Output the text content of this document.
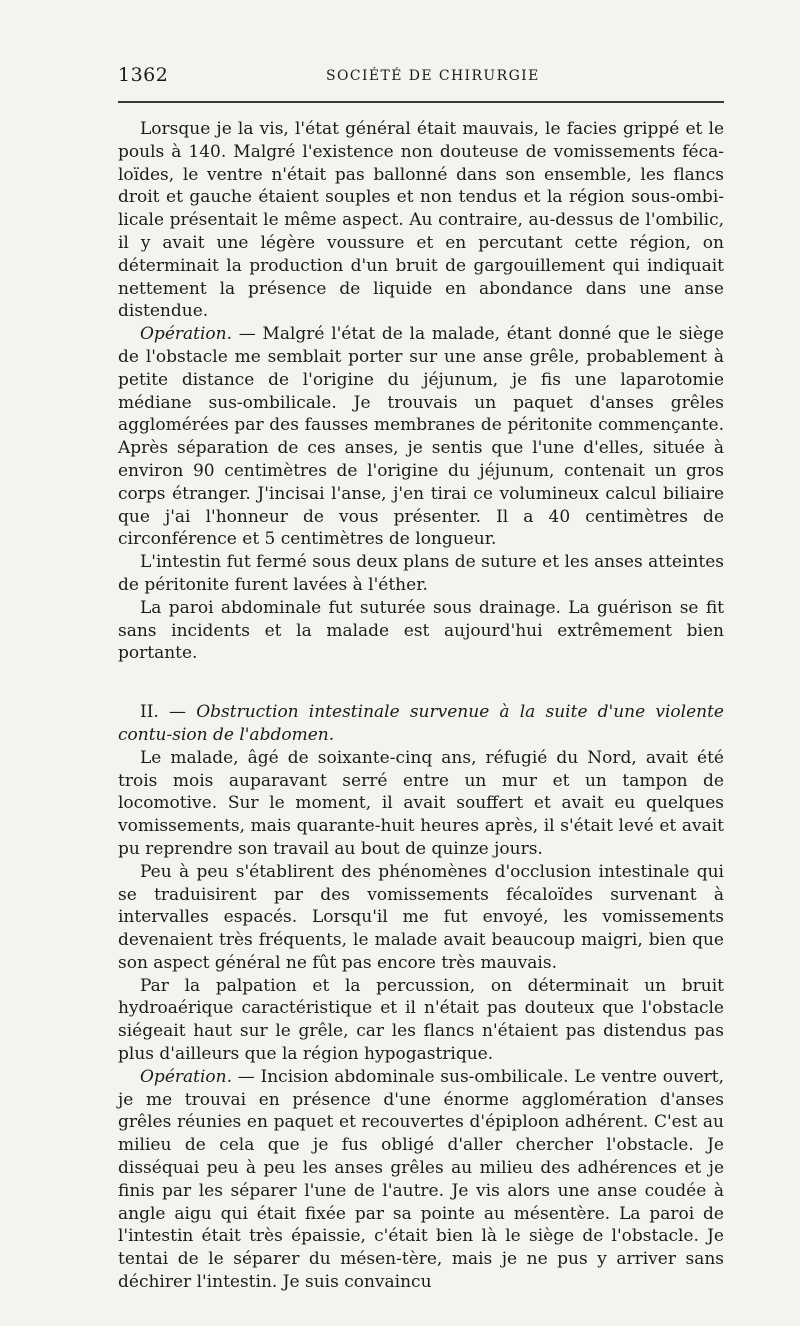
1362	SOCIÉTÉ DE CHIRURGIE

Lorsque je la vis, l'état général était mauvais, le facies grippé et le pouls à 140. Malgré l'existence non douteuse de vomissements féca-loïdes, le ventre n'était pas ballonné dans son ensemble, les flancs droit et gauche étaient souples et non tendus et la région sous-ombi-licale présentait le même aspect. Au contraire, au-dessus de l'ombilic, il y avait une légère voussure et en percutant cette région, on déterminait la production d'un bruit de gargouillement qui indiquait nettement la présence de liquide en abondance dans une anse distendue.

Opération. — Malgré l'état de la malade, étant donné que le siège de l'obstacle me semblait porter sur une anse grêle, probablement à petite distance de l'origine du jéjunum, je fis une laparotomie médiane sus-ombilicale. Je trouvais un paquet d'anses grêles agglomérées par des fausses membranes de péritonite commençante. Après séparation de ces anses, je sentis que l'une d'elles, située à environ 90 centimètres de l'origine du jéjunum, contenait un gros corps étranger. J'incisai l'anse, j'en tirai ce volumineux calcul biliaire que j'ai l'honneur de vous présenter. Il a 40 centimètres de circonférence et 5 centimètres de longueur.

L'intestin fut fermé sous deux plans de suture et les anses atteintes de péritonite furent lavées à l'éther.

La paroi abdominale fut suturée sous drainage. La guérison se fit sans incidents et la malade est aujourd'hui extrêmement bien portante.

II. — Obstruction intestinale survenue à la suite d'une violente contu-sion de l'abdomen.

Le malade, âgé de soixante-cinq ans, réfugié du Nord, avait été trois mois auparavant serré entre un mur et un tampon de locomotive. Sur le moment, il avait souffert et avait eu quelques vomissements, mais quarante-huit heures après, il s'était levé et avait pu reprendre son travail au bout de quinze jours.

Peu à peu s'établirent des phénomènes d'occlusion intestinale qui se traduisirent par des vomissements fécaloïdes survenant à intervalles espacés. Lorsqu'il me fut envoyé, les vomissements devenaient très fréquents, le malade avait beaucoup maigri, bien que son aspect général ne fût pas encore très mauvais.

Par la palpation et la percussion, on déterminait un bruit hydroaérique caractéristique et il n'était pas douteux que l'obstacle siégeait haut sur le grêle, car les flancs n'étaient pas distendus pas plus d'ailleurs que la région hypogastrique.

Opération. — Incision abdominale sus-ombilicale. Le ventre ouvert, je me trouvai en présence d'une énorme agglomération d'anses grêles réunies en paquet et recouvertes d'épiploon adhérent. C'est au milieu de cela que je fus obligé d'aller chercher l'obstacle. Je disséquai peu à peu les anses grêles au milieu des adhérences et je finis par les séparer l'une de l'autre. Je vis alors une anse coudée à angle aigu qui était fixée par sa pointe au mésentère. La paroi de l'intestin était très épaissie, c'était bien là le siège de l'obstacle. Je tentai de le séparer du mésen-tère, mais je ne pus y arriver sans déchirer l'intestin. Je suis convaincu
